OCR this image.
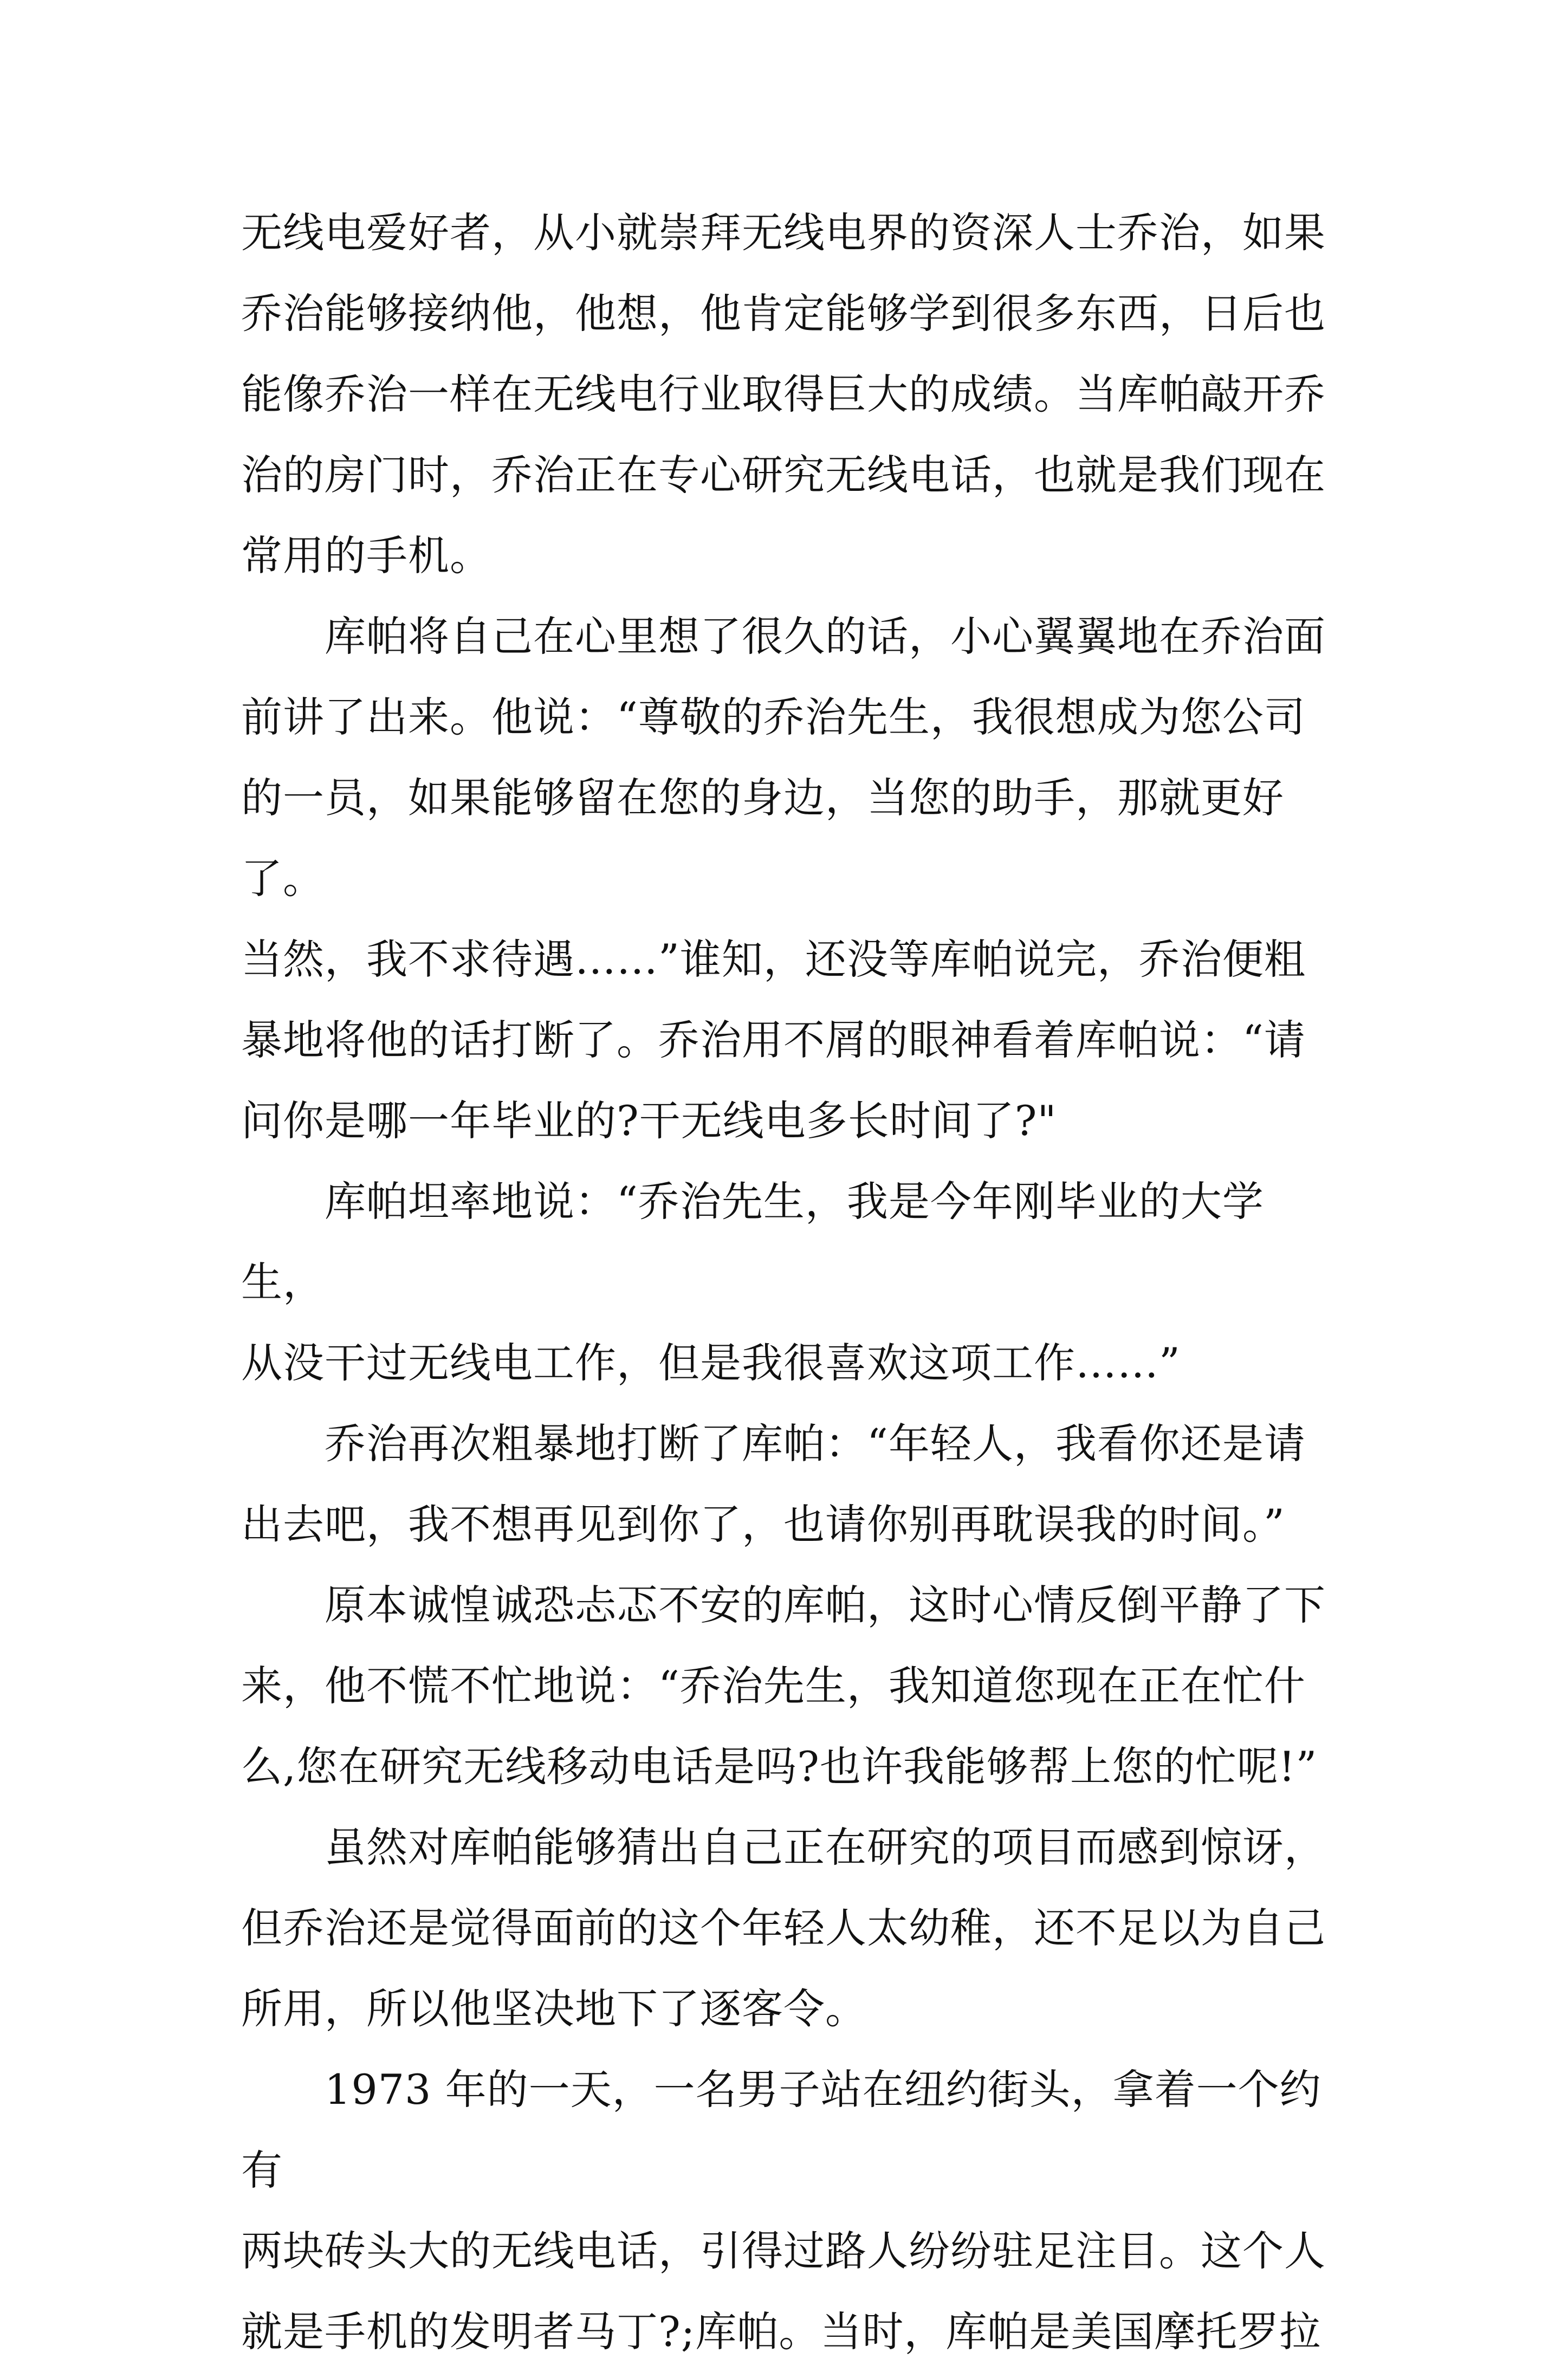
无线电爱好者，从小就崇拜无线电界的资深人士乔治，如果

乔治能够接纳他，他想，他肯定能够学到很多东西，日后也

能像乔治一样在无线电行业取得巨大的成绩。当库帕敲开乔

治的房门时，乔治正在专心研究无线电话，也就是我们现在

常用的手机。

　　库帕将自己在心里想了很久的话，小心翼翼地在乔治面

前讲了出来。他说：“尊敬的乔治先生，我很想成为您公司

的一员，如果能够留在您的身边，当您的助手，那就更好了。

当然，我不求待遇……”谁知，还没等库帕说完，乔治便粗

暴地将他的话打断了。乔治用不屑的眼神看着库帕说：“请

问你是哪一年毕业的?干无线电多长时间了?"

　　库帕坦率地说：“乔治先生，我是今年刚毕业的大学生，

从没干过无线电工作，但是我很喜欢这项工作……”

　　乔治再次粗暴地打断了库帕：“年轻人，我看你还是请

出去吧，我不想再见到你了，也请你别再耽误我的时间。”

　　原本诚惶诚恐忐忑不安的库帕，这时心情反倒平静了下

来，他不慌不忙地说：“乔治先生，我知道您现在正在忙什

么,您在研究无线移动电话是吗?也许我能够帮上您的忙呢!”

　　虽然对库帕能够猜出自己正在研究的项目而感到惊讶，

但乔治还是觉得面前的这个年轻人太幼稚，还不足以为自己

所用，所以他坚决地下了逐客令。

　　1973 年的一天，一名男子站在纽约街头，拿着一个约有

两块砖头大的无线电话，引得过路人纷纷驻足注目。这个人

就是手机的发明者马丁?;库帕。当时，库帕是美国摩托罗拉
